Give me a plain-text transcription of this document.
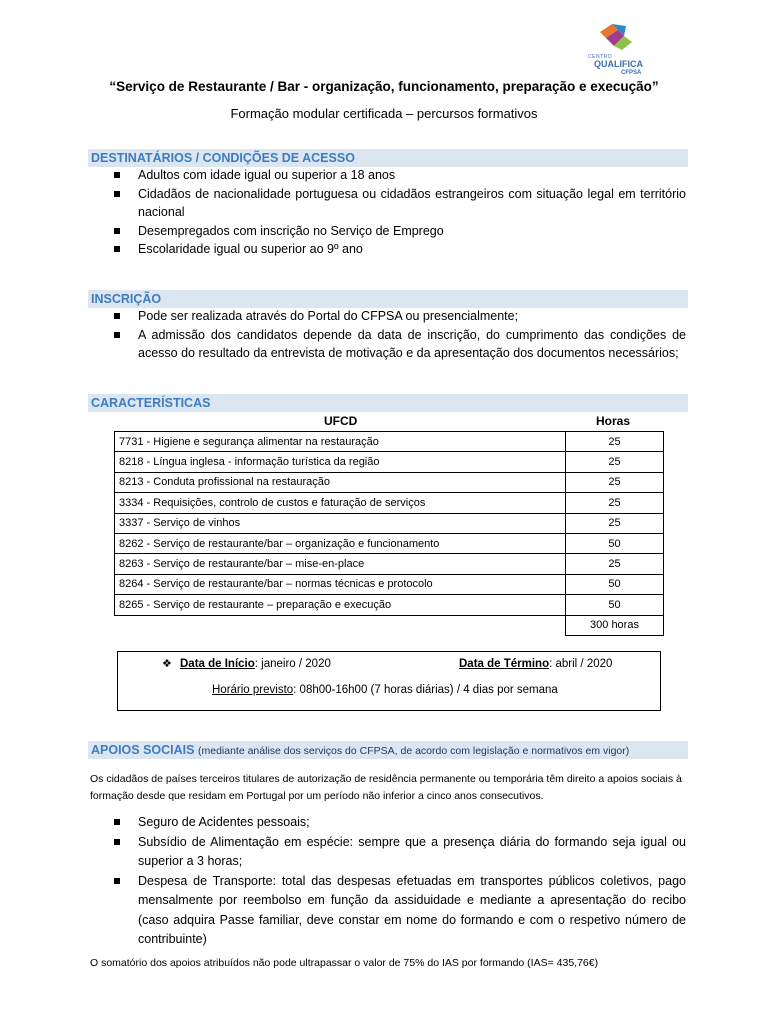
CENTRO
QUALIFICA
CFPSA
“Serviço de Restaurante / Bar - organização, funcionamento, preparação e execução”
Formação modular certificada – percursos formativos
DESTINATÁRIOS / CONDIÇÕES DE ACESSO
Adultos com idade igual ou superior a 18 anos
Cidadãos de nacionalidade portuguesa ou cidadãos estrangeiros com situação legal em território nacional
Desempregados com inscrição no Serviço de Emprego
Escolaridade igual ou superior ao 9º ano
INSCRIÇÃO
Pode ser realizada através do Portal do CFPSA ou presencialmente;
A admissão dos candidatos depende da data de inscrição, do cumprimento das condições de acesso do resultado da entrevista de motivação e da apresentação dos documentos necessários;
CARACTERÍSTICAS
UFCD	Horas
7731 - Higiene e segurança alimentar na restauração	25
8218 - Língua inglesa - informação turística da região	25
8213 - Conduta profissional na restauração	25
3334 - Requisições, controlo de custos e faturação de serviços	25
3337 - Serviço de vinhos	25
8262 - Serviço de restaurante/bar – organização e funcionamento	50
8263 - Serviço de restaurante/bar – mise-en-place	25
8264 - Serviço de restaurante/bar – normas técnicas e protocolo	50
8265 - Serviço de restaurante – preparação e execução	50
	300 horas
❖ Data de Início: janeiro / 2020	Data de Término: abril / 2020
Horário previsto: 08h00-16h00 (7 horas diárias) / 4 dias por semana
APOIOS SOCIAIS (mediante análise dos serviços do CFPSA, de acordo com legislação e normativos em vigor)
Os cidadãos de países terceiros titulares de autorização de residência permanente ou temporária têm direito a apoios sociais à formação desde que residam em Portugal por um período não inferior a cinco anos consecutivos.
Seguro de Acidentes pessoais;
Subsídio de Alimentação em espécie: sempre que a presença diária do formando seja igual ou superior a 3 horas;
Despesa de Transporte: total das despesas efetuadas em transportes públicos coletivos, pago mensalmente por reembolso em função da assiduidade e mediante a apresentação do recibo (caso adquira Passe familiar, deve constar em nome do formando e com o respetivo número de contribuinte)
O somatório dos apoios atribuídos não pode ultrapassar o valor de 75% do IAS por formando (IAS= 435,76€)
